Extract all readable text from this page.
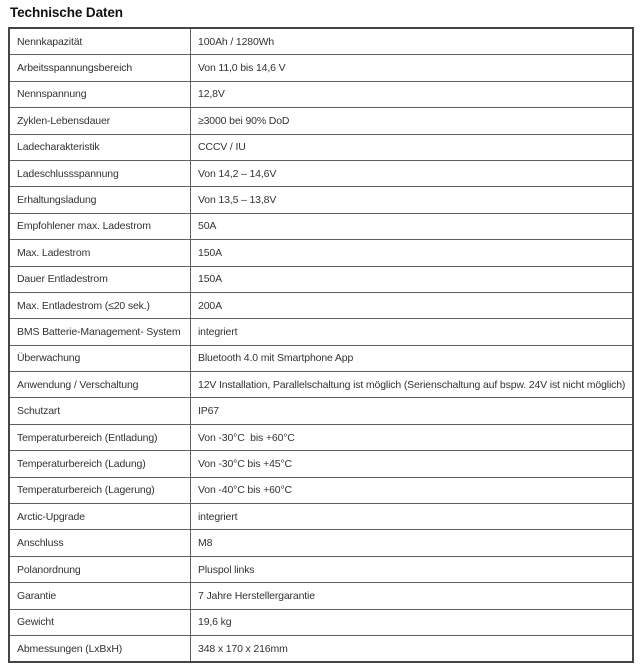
Technische Daten
Nennkapazität	100Ah / 1280Wh
Arbeitsspannungsbereich	Von 11,0 bis 14,6 V
Nennspannung	12,8V
Zyklen-Lebensdauer	≥3000 bei 90% DoD
Ladecharakteristik	CCCV / IU
Ladeschlussspannung	Von 14,2 – 14,6V
Erhaltungsladung	Von 13,5 – 13,8V
Empfohlener max. Ladestrom	50A
Max. Ladestrom	150A
Dauer Entladestrom	150A
Max. Entladestrom (≤20 sek.)	200A
BMS Batterie-Management- System	integriert
Überwachung	Bluetooth 4.0 mit Smartphone App
Anwendung / Verschaltung	12V Installation, Parallelschaltung ist möglich (Serienschaltung auf bspw. 24V ist nicht möglich)
Schutzart	IP67
Temperaturbereich (Entladung)	Von -30°C  bis +60°C
Temperaturbereich (Ladung)	Von -30°C bis +45°C
Temperaturbereich (Lagerung)	Von -40°C bis +60°C
Arctic-Upgrade	integriert
Anschluss	M8
Polanordnung	Pluspol links
Garantie	7 Jahre Herstellergarantie
Gewicht	19,6 kg
Abmessungen (LxBxH)	348 x 170 x 216mm
